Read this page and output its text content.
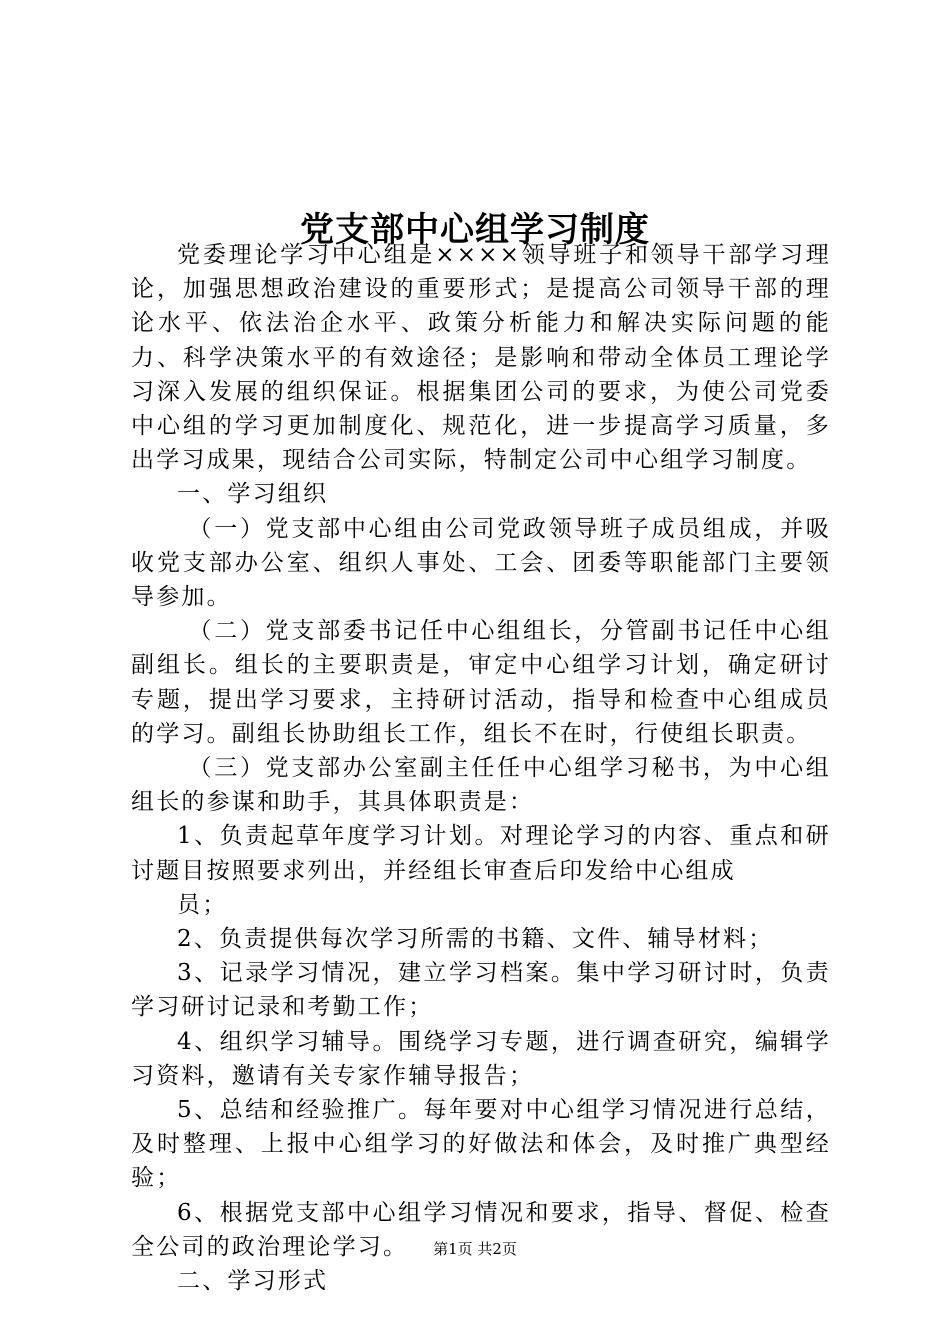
党支部中心组学习制度

党委理论学习中心组是××××领导班子和领导干部学习理论，加强思想政治建设的重要形式；是提高公司领导干部的理论水平、依法治企水平、政策分析能力和解决实际问题的能力、科学决策水平的有效途径；是影响和带动全体员工理论学习深入发展的组织保证。根据集团公司的要求，为使公司党委中心组的学习更加制度化、规范化，进一步提高学习质量，多出学习成果，现结合公司实际，特制定公司中心组学习制度。

一、学习组织

（一）党支部中心组由公司党政领导班子成员组成，并吸收党支部办公室、组织人事处、工会、团委等职能部门主要领导参加。

（二）党支部委书记任中心组组长，分管副书记任中心组副组长。组长的主要职责是，审定中心组学习计划，确定研讨专题，提出学习要求，主持研讨活动，指导和检查中心组成员的学习。副组长协助组长工作，组长不在时，行使组长职责。

（三）党支部办公室副主任任中心组学习秘书，为中心组组长的参谋和助手，其具体职责是：

1、负责起草年度学习计划。对理论学习的内容、重点和研讨题目按照要求列出，并经组长审查后印发给中心组成

员；

2、负责提供每次学习所需的书籍、文件、辅导材料；

3、记录学习情况，建立学习档案。集中学习研讨时，负责学习研讨记录和考勤工作；

4、组织学习辅导。围绕学习专题，进行调查研究，编辑学习资料，邀请有关专家作辅导报告；

5、总结和经验推广。每年要对中心组学习情况进行总结，及时整理、上报中心组学习的好做法和体会，及时推广典型经验；

6、根据党支部中心组学习情况和要求，指导、督促、检查全公司的政治理论学习。

二、学习形式

第1页 共2页
